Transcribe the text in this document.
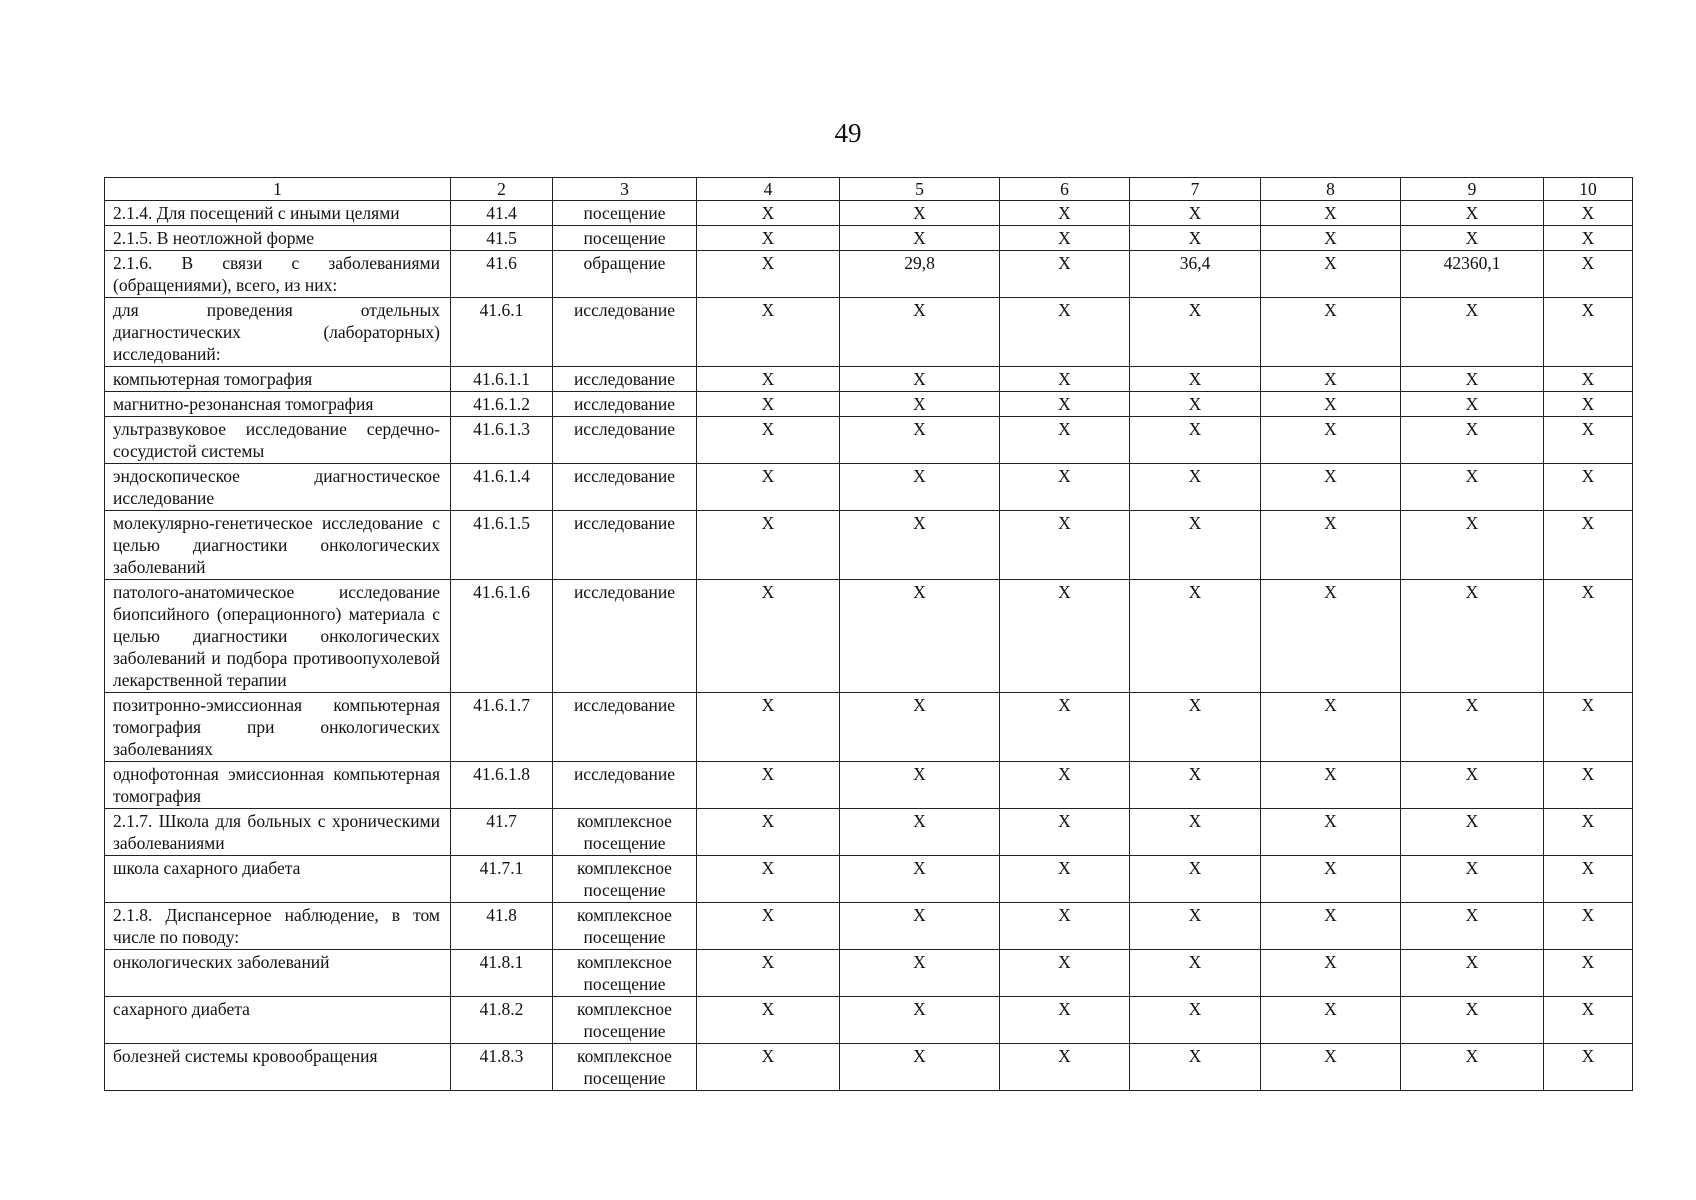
49
1	2	3	4	5	6	7	8	9	10
2.1.4. Для посещений с иными целями	41.4	посещение	X	X	X	X	X	X	X
2.1.5. В неотложной форме	41.5	посещение	X	X	X	X	X	X	X
2.1.6. В связи с заболеваниями (обращениями), всего, из них:	41.6	обращение	X	29,8	X	36,4	X	42360,1	X
для проведения отдельных диагностических (лабораторных) исследований:	41.6.1	исследование	X	X	X	X	X	X	X
компьютерная томография	41.6.1.1	исследование	X	X	X	X	X	X	X
магнитно-резонансная томография	41.6.1.2	исследование	X	X	X	X	X	X	X
ультразвуковое исследование сердечно-сосудистой системы	41.6.1.3	исследование	X	X	X	X	X	X	X
эндоскопическое диагностическое исследование	41.6.1.4	исследование	X	X	X	X	X	X	X
молекулярно-генетическое исследование с целью диагностики онкологических заболеваний	41.6.1.5	исследование	X	X	X	X	X	X	X
патолого-анатомическое исследование биопсийного (операционного) материала с целью диагностики онкологических заболеваний и подбора противоопухолевой лекарственной терапии	41.6.1.6	исследование	X	X	X	X	X	X	X
позитронно-эмиссионная компьютерная томография при онкологических заболеваниях	41.6.1.7	исследование	X	X	X	X	X	X	X
однофотонная эмиссионная компьютерная томография	41.6.1.8	исследование	X	X	X	X	X	X	X
2.1.7. Школа для больных с хроническими заболеваниями	41.7	комплексное посещение	X	X	X	X	X	X	X
школа сахарного диабета	41.7.1	комплексное посещение	X	X	X	X	X	X	X
2.1.8. Диспансерное наблюдение, в том числе по поводу:	41.8	комплексное посещение	X	X	X	X	X	X	X
онкологических заболеваний	41.8.1	комплексное посещение	X	X	X	X	X	X	X
сахарного диабета	41.8.2	комплексное посещение	X	X	X	X	X	X	X
болезней системы кровообращения	41.8.3	комплексное посещение	X	X	X	X	X	X	X
